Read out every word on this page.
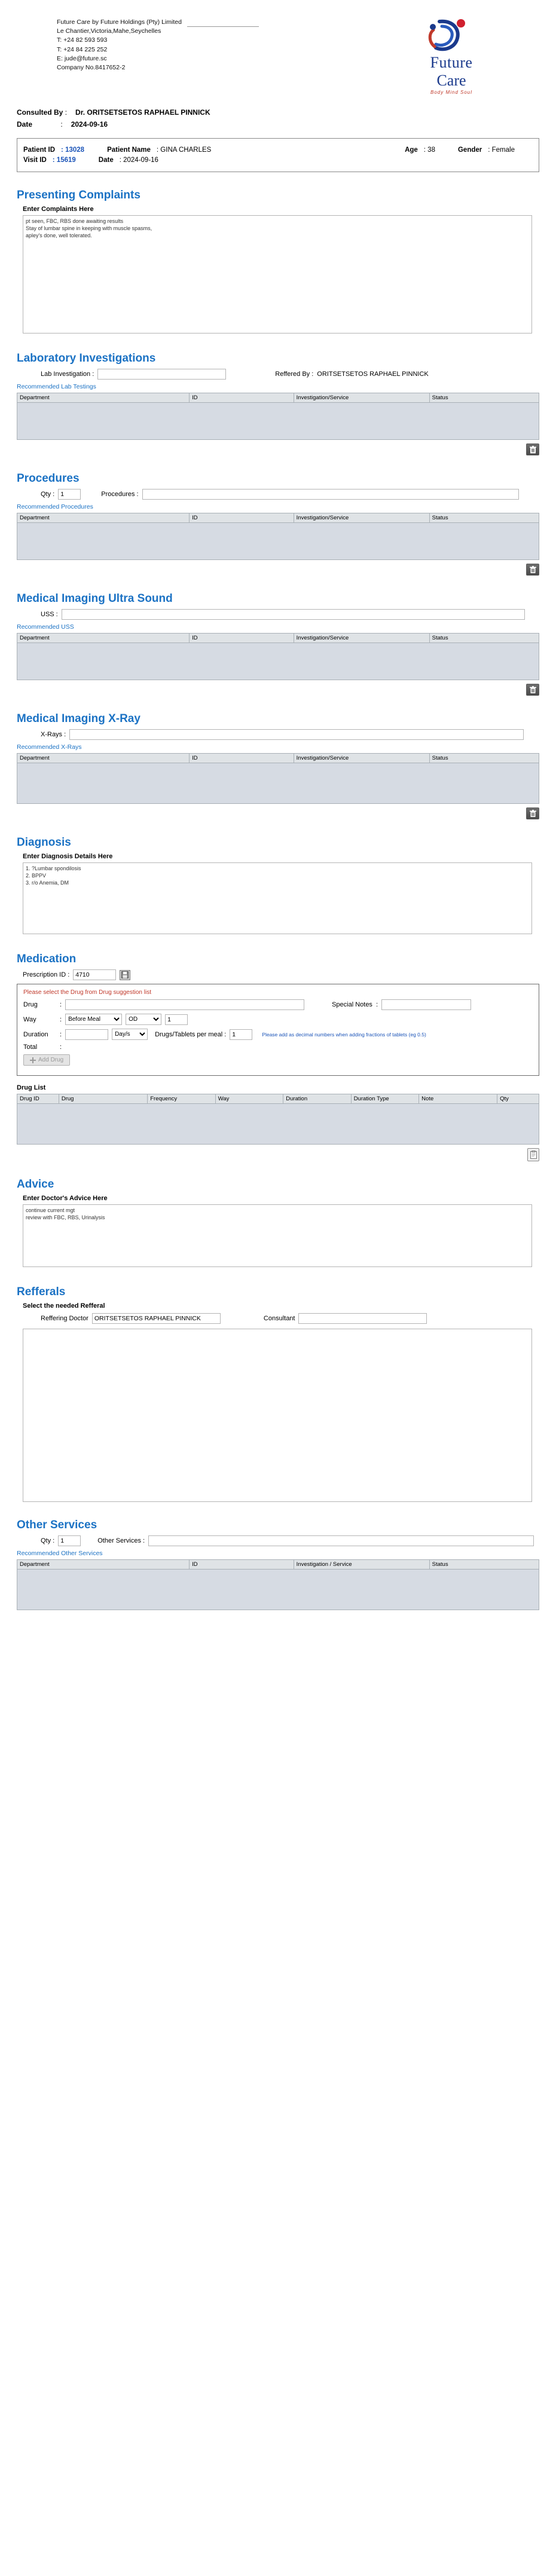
Future Care by Future Holdings (Pty) Limited
Le Chantier,Victoria,Mahe,Seychelles
T: +24 82 593 593
T: +24 84 225 252
E: jude@future.sc
Company No.8417652-2	Future
Care
Body Mind Soul
Consulted By : Dr. ORITSETSETOS RAPHAEL PINNICK
Date	: 2024-09-16
Patient ID : 13028	Patient Name : GINA CHARLES	Age : 38	Gender : Female
Visit ID : 15619	Date : 2024-09-16
Presenting Complaints
Enter Complaints Here
pt seen, FBC, RBS done awaiting results Stay of lumbar spine in keeping with muscle spasms, apley's done, well tolerated.
Laboratory Investigations
Lab Investigation :	Reffered By : ORITSETSETOS RAPHAEL PINNICK
Recommended Lab Testings
Department	ID	Investigation/Service	Status
Procedures
Qty :
1	Procedures :
Recommended Procedures
Department	ID	Investigation/Service	Status
Medical Imaging Ultra Sound
USS :
Recommended USS
Department	ID	Investigation/Service	Status
Medical Imaging X-Ray
X-Rays :
Recommended X-Rays
Department	ID	Investigation/Service	Status
Diagnosis
Enter Diagnosis Details Here
1. ?Lumbar spondilosis 2. BPPV 3. r/o Anemia, DM
Medication
Prescription ID :
4710
Please select the Drug from Drug suggestion list
Drug	:	Special Notes :
Way	:
Before Meal
OD
1
Duration	:
Day/s	Drugs/Tablets per meal :
1	Please add as decimal numbers when adding fractions of tablets (eg 0.5)
Total	:
Add Drug
Drug List
Drug ID	Drug	Frequency	Way	Duration	Duration Type	Note	Qty
Advice
Enter Doctor's Advice Here
continue current mgt review with FBC, RBS, Urinalysis
Refferals
Select the needed Refferal
Reffering Doctor
ORITSETSETOS RAPHAEL PINNICK	Consultant
Other Services
Qty :
1	Other Services :
Recommended Other Services
Department	ID	Investigation / Service	Status
